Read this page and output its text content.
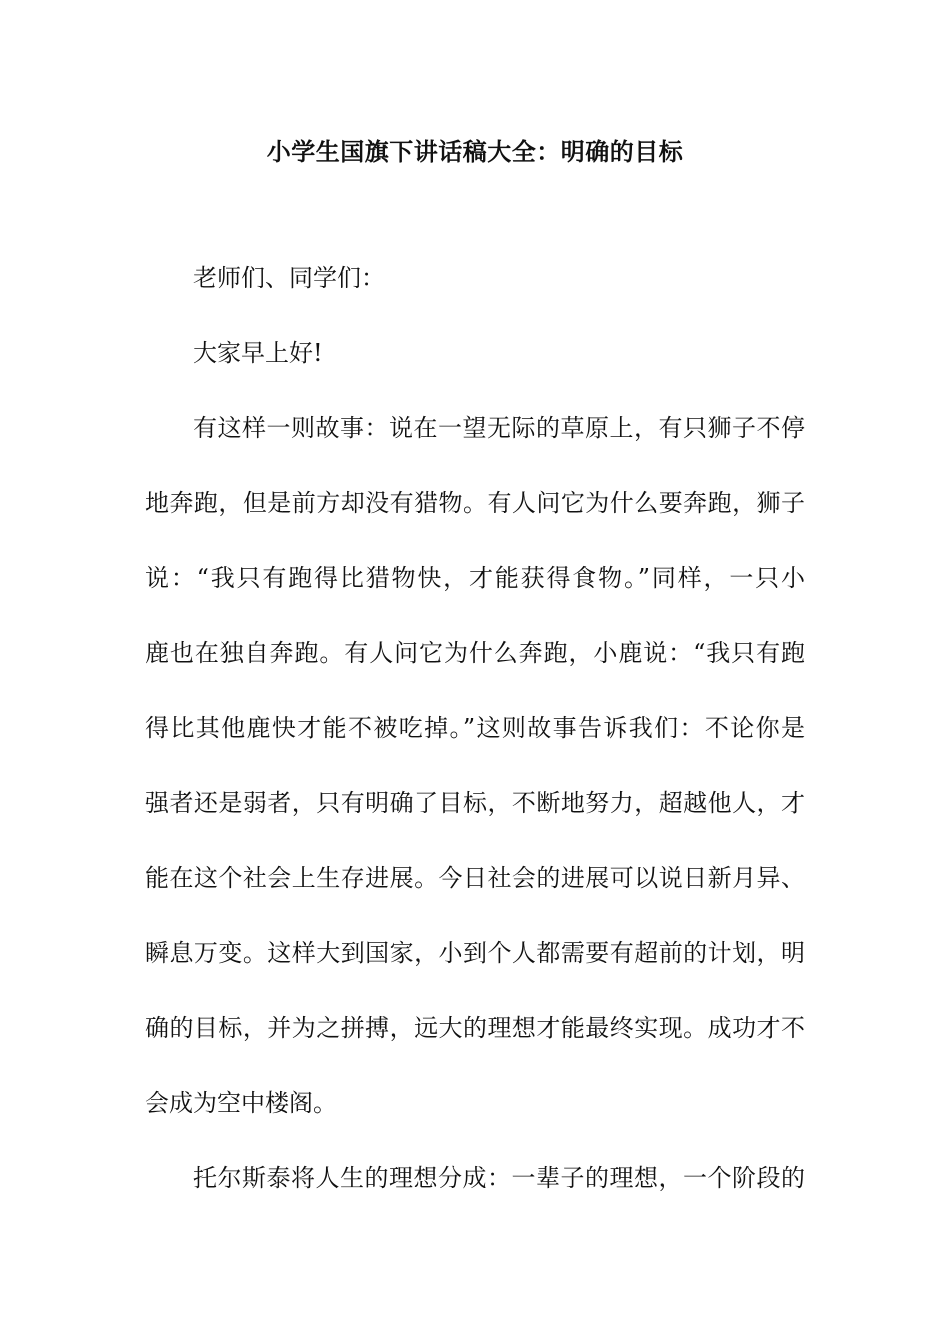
小学生国旗下讲话稿大全：明确的目标
老师们、同学们：
大家早上好!
有这样一则故事：说在一望无际的草原上，有只狮子不停
地奔跑，但是前方却没有猎物。有人问它为什么要奔跑，狮子
说：“我只有跑得比猎物快，才能获得食物。”同样，一只小
鹿也在独自奔跑。有人问它为什么奔跑，小鹿说：“我只有跑
得比其他鹿快才能不被吃掉。”这则故事告诉我们：不论你是
强者还是弱者，只有明确了目标，不断地努力，超越他人，才
能在这个社会上生存进展。今日社会的进展可以说日新月异、
瞬息万变。这样大到国家，小到个人都需要有超前的计划，明
确的目标，并为之拼搏，远大的理想才能最终实现。成功才不
会成为空中楼阁。
托尔斯泰将人生的理想分成：一辈子的理想，一个阶段的
